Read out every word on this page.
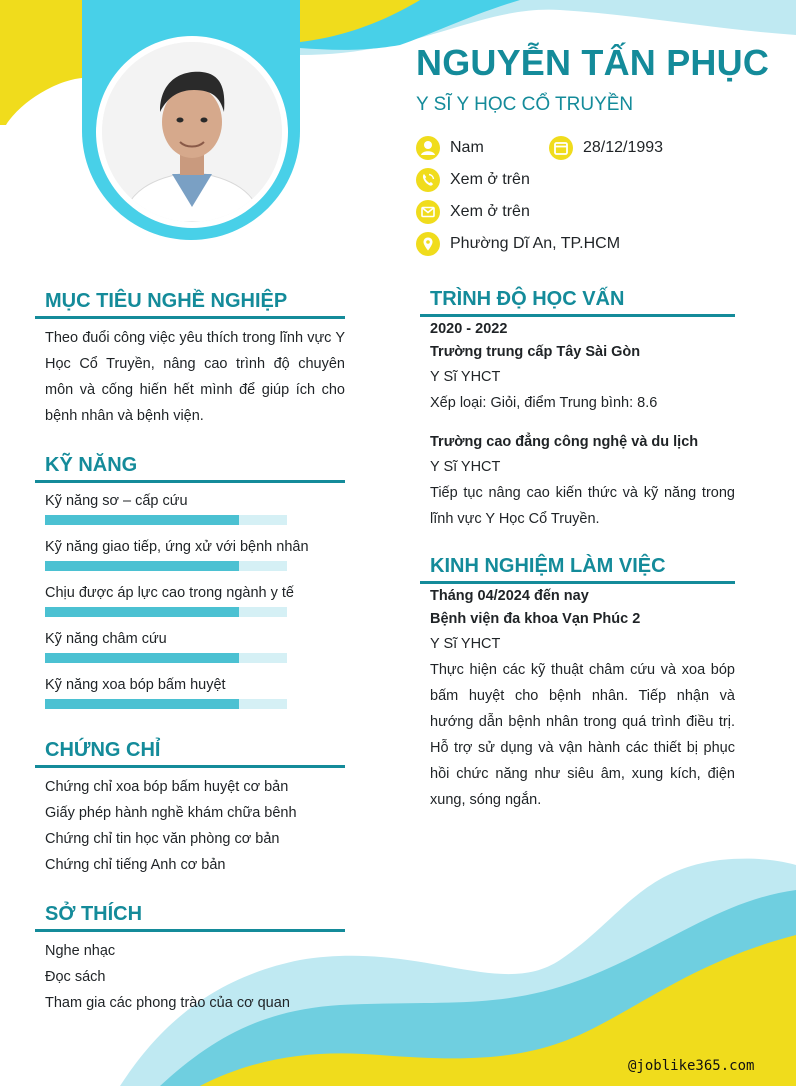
NGUYỄN TẤN PHỤC
Y SĨ Y HỌC CỔ TRUYỀN
Nam	28/12/1993
Xem ở trên
Xem ở trên
Phường Dĩ An, TP.HCM
MỤC TIÊU NGHỀ NGHIỆP
Theo đuổi công việc yêu thích trong lĩnh vực Y Học Cổ Truyền, nâng cao trình độ chuyên môn và cống hiến hết mình để giúp ích cho bệnh nhân và bệnh viện.
KỸ NĂNG
Kỹ năng sơ – cấp cứu
Kỹ năng giao tiếp, ứng xử với bệnh nhân
Chịu được áp lực cao trong ngành y tế
Kỹ năng châm cứu
Kỹ năng xoa bóp bấm huyệt
CHỨNG CHỈ
Chứng chỉ xoa bóp bấm huyệt cơ bản
Giấy phép hành nghề khám chữa bênh
Chứng chỉ tin học văn phòng cơ bản
Chứng chỉ tiếng Anh cơ bản
SỞ THÍCH
Nghe nhạc
Đọc sách
Tham gia các phong trào của cơ quan
TRÌNH ĐỘ HỌC VẤN
2020 - 2022
Trường trung cấp Tây Sài Gòn
Y Sĩ YHCT
Xếp loại: Giỏi, điểm Trung bình: 8.6
Trường cao đẳng công nghệ và du lịch
Y Sĩ YHCT
Tiếp tục nâng cao kiến thức và kỹ năng trong lĩnh vực Y Học Cổ Truyền.
KINH NGHIỆM LÀM VIỆC
Tháng 04/2024 đến nay
Bệnh viện đa khoa Vạn Phúc 2
Y Sĩ YHCT
Thực hiện các kỹ thuật châm cứu và xoa bóp bấm huyệt cho bệnh nhân. Tiếp nhận và hướng dẫn bệnh nhân trong quá trình điều trị. Hỗ trợ sử dụng và vận hành các thiết bị phục hồi chức năng như siêu âm, xung kích, điện xung, sóng ngắn.
@joblike365.com
